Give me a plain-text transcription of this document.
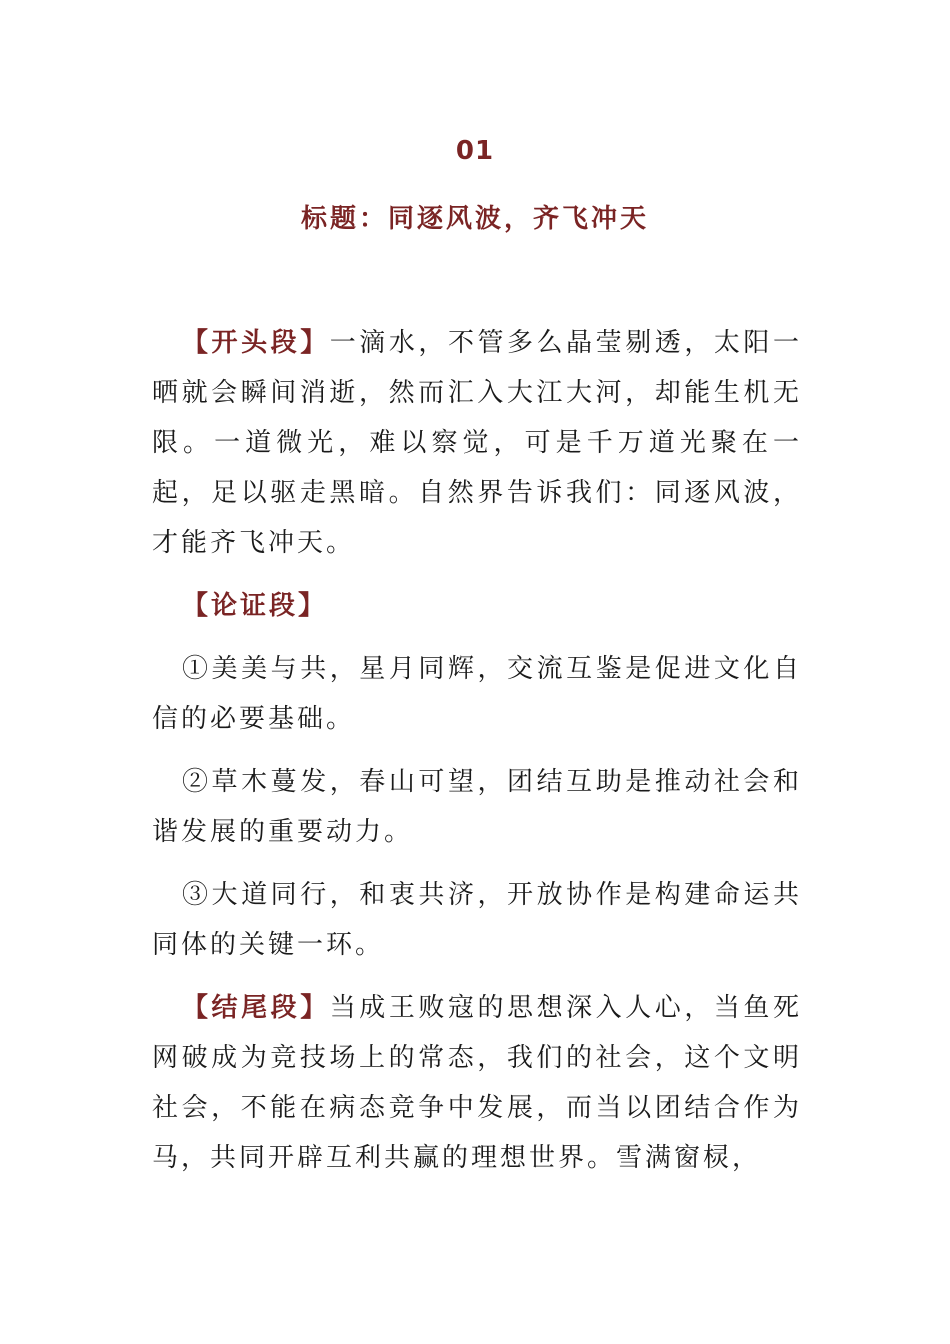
01
标题：同逐风波，齐飞冲天

【开头段】一滴水，不管多么晶莹剔透，太阳一晒就会瞬间消逝，然而汇入大江大河，却能生机无限。一道微光，难以察觉，可是千万道光聚在一起，足以驱走黑暗。自然界告诉我们：同逐风波，才能齐飞冲天。

【论证段】

①美美与共，星月同辉，交流互鉴是促进文化自信的必要基础。

②草木蔓发，春山可望，团结互助是推动社会和谐发展的重要动力。

③大道同行，和衷共济，开放协作是构建命运共同体的关键一环。

【结尾段】当成王败寇的思想深入人心，当鱼死网破成为竞技场上的常态，我们的社会，这个文明社会，不能在病态竞争中发展，而当以团结合作为马，共同开辟互利共赢的理想世界。雪满窗棂，
